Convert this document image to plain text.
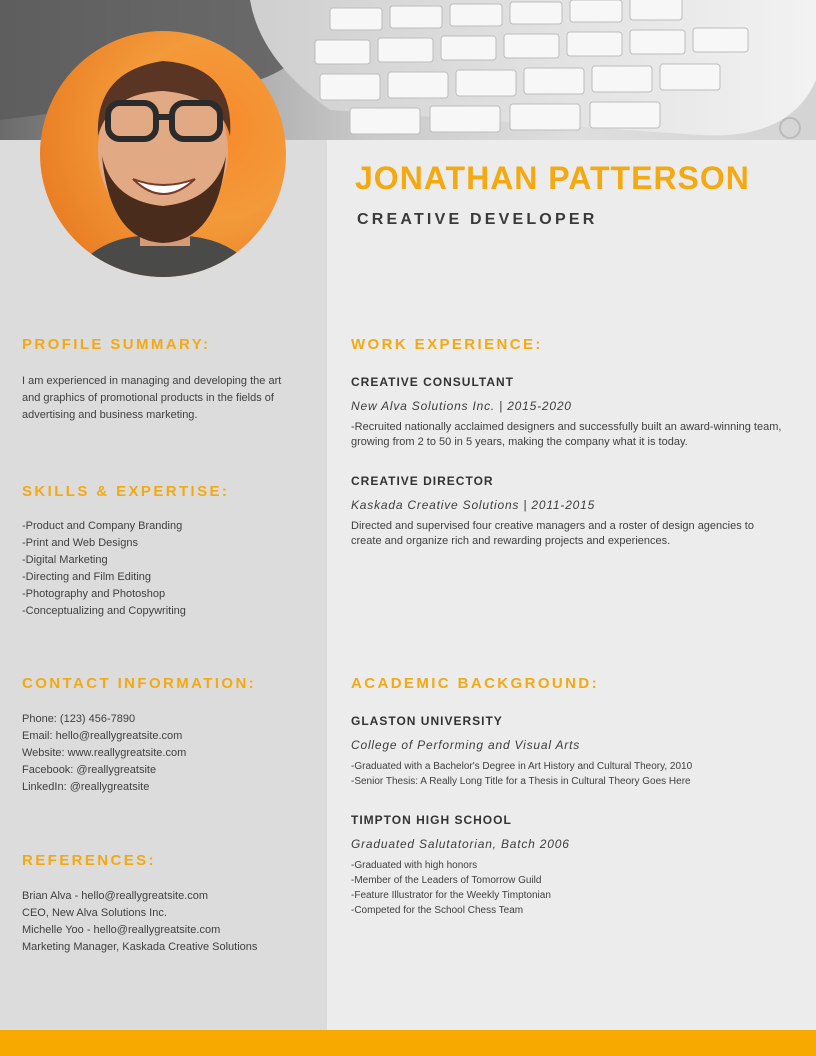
JONATHAN PATTERSON
CREATIVE DEVELOPER
PROFILE SUMMARY:
I am experienced in managing and developing the art and graphics of promotional products in the fields of advertising and business marketing.
SKILLS & EXPERTISE:
-Product and Company Branding
-Print and Web Designs
-Digital Marketing
-Directing and Film Editing
-Photography and Photoshop
-Conceptualizing and Copywriting
CONTACT INFORMATION:
Phone: (123) 456-7890
Email: hello@reallygreatsite.com
Website: www.reallygreatsite.com
Facebook: @reallygreatsite
LinkedIn: @reallygreatsite
REFERENCES:
Brian Alva - hello@reallygreatsite.com
CEO, New Alva Solutions Inc.
Michelle Yoo - hello@reallygreatsite.com
Marketing Manager, Kaskada Creative Solutions
WORK EXPERIENCE:
CREATIVE CONSULTANT
New Alva Solutions Inc. | 2015-2020
-Recruited nationally acclaimed designers and successfully built an award-winning team, growing from 2 to 50 in 5 years, making the company what it is today.
CREATIVE DIRECTOR
Kaskada Creative Solutions | 2011-2015
Directed and supervised four creative managers and a roster of design agencies to create and organize rich and rewarding projects and experiences.
ACADEMIC BACKGROUND:
GLASTON UNIVERSITY
College of Performing and Visual Arts
-Graduated with a Bachelor's Degree in Art History and Cultural Theory, 2010
-Senior Thesis: A Really Long Title for a Thesis in Cultural Theory Goes Here
TIMPTON HIGH SCHOOL
Graduated Salutatorian, Batch 2006
-Graduated with high honors
-Member of the Leaders of Tomorrow Guild
-Feature Illustrator for the Weekly Timptonian
-Competed for the School Chess Team
